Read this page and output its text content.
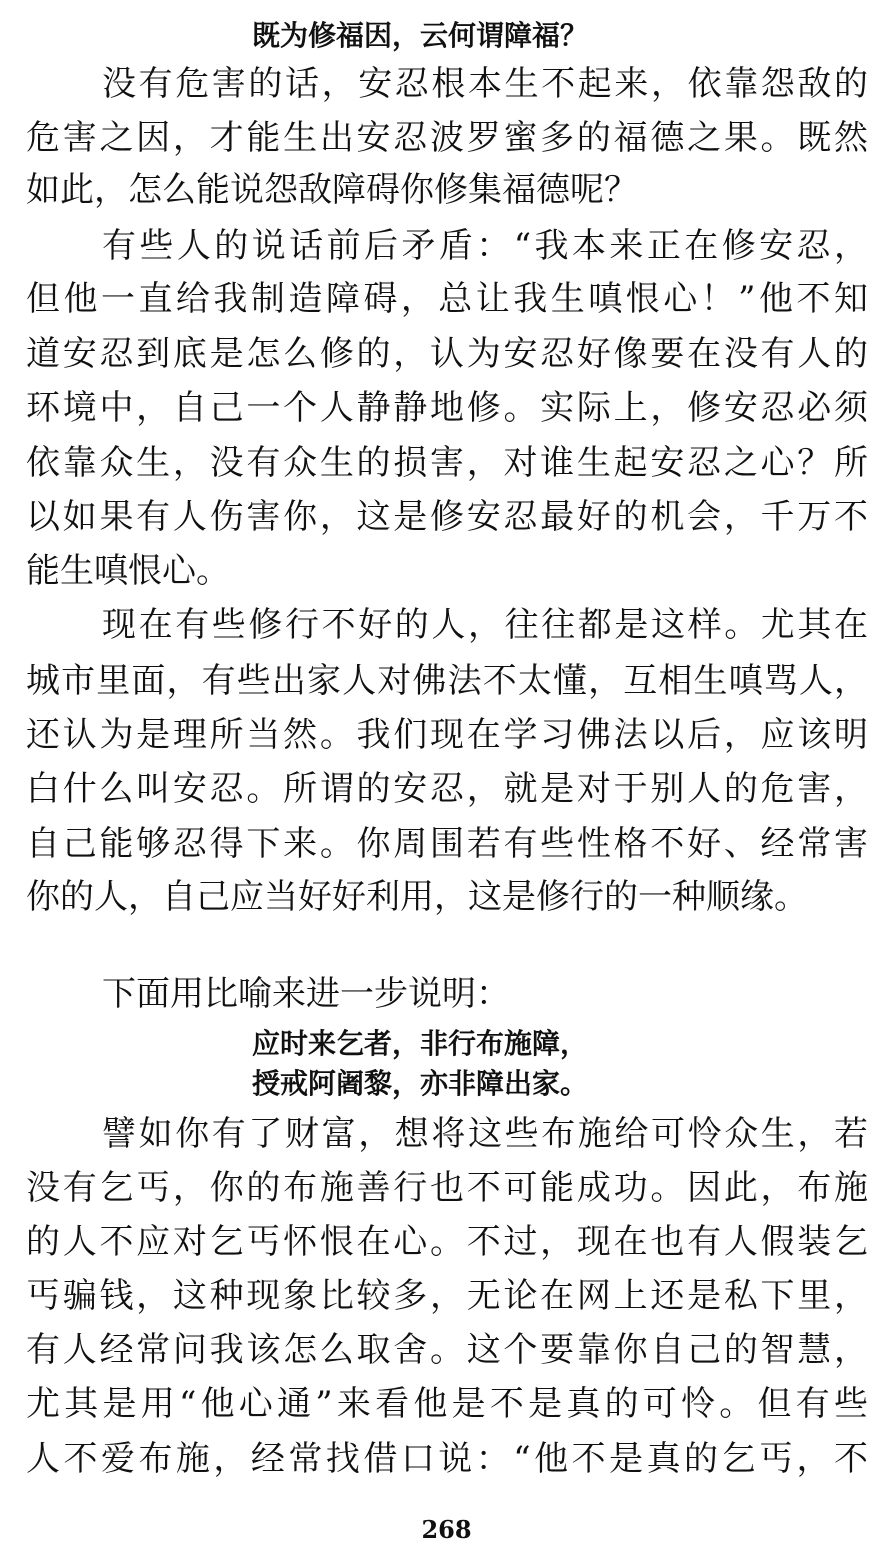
既为修福因，云何谓障福？

没有危害的话，安忍根本生不起来，依靠怨敌的

危害之因，才能生出安忍波罗蜜多的福德之果。既然

如此，怎么能说怨敌障碍你修集福德呢？

有些人的说话前后矛盾：“我本来正在修安忍，

但他一直给我制造障碍，总让我生嗔恨心！”他不知

道安忍到底是怎么修的，认为安忍好像要在没有人的

环境中，自己一个人静静地修。实际上，修安忍必须

依靠众生，没有众生的损害，对谁生起安忍之心？所

以如果有人伤害你，这是修安忍最好的机会，千万不

能生嗔恨心。

现在有些修行不好的人，往往都是这样。尤其在

城市里面，有些出家人对佛法不太懂，互相生嗔骂人，

还认为是理所当然。我们现在学习佛法以后，应该明

白什么叫安忍。所谓的安忍，就是对于别人的危害，

自己能够忍得下来。你周围若有些性格不好、经常害

你的人，自己应当好好利用，这是修行的一种顺缘。

下面用比喻来进一步说明：

应时来乞者，非行布施障，
授戒阿阇黎，亦非障出家。

譬如你有了财富，想将这些布施给可怜众生，若

没有乞丐，你的布施善行也不可能成功。因此，布施

的人不应对乞丐怀恨在心。不过，现在也有人假装乞

丐骗钱，这种现象比较多，无论在网上还是私下里，

有人经常问我该怎么取舍。这个要靠你自己的智慧，

尤其是用“他心通”来看他是不是真的可怜。但有些

人不爱布施，经常找借口说：“他不是真的乞丐，不

268
